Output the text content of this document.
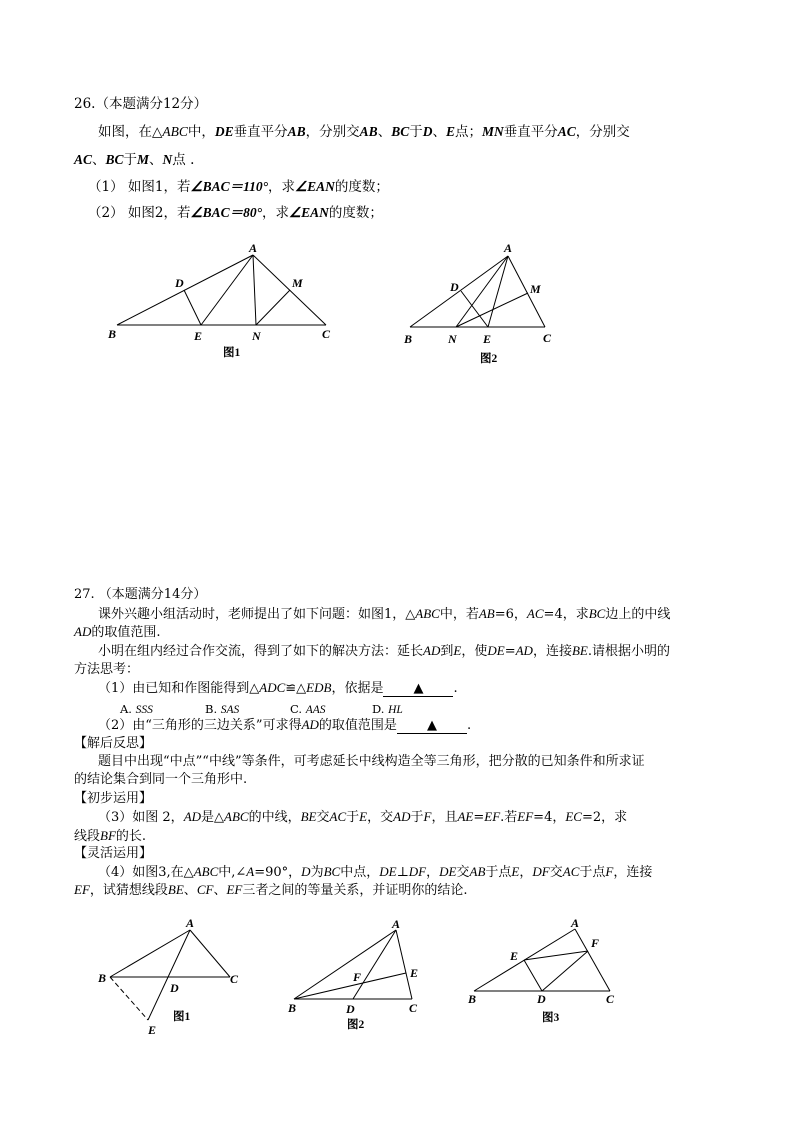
26.（本题满分12分）
如图，在△ABC中，DE垂直平分AB，分别交AB、BC于D、E点；MN垂直平分AC，分别交
AC、BC于M、N点 .
（1） 如图1，若∠BAC＝110°，求∠EAN的度数；
（2） 如图2，若∠BAC＝80°，求∠EAN的度数；
A
B	C
D
E	N
M
图1
A
B	C
D
E
N
M
图2
27. （本题满分14分）
课外兴趣小组活动时，老师提出了如下问题：如图1，△ABC中，若AB=6，AC=4，求BC边上的中线
AD的取值范围.
小明在组内经过合作交流，得到了如下的解决方法：延长AD到E，使DE=AD，连接BE.请根据小明的
方法思考：
（1）由已知和作图能得到△ADC≌△EDB，依据是 ▲ .
A. SSS	B. SAS	C. AAS	D. HL
（2）由“三角形的三边关系”可求得AD的取值范围是 ▲ .
【解后反思】
题目中出现“中点”“中线”等条件，可考虑延长中线构造全等三角形，把分散的已知条件和所求证
的结论集合到同一个三角形中.
【初步运用】
（3）如图 2，AD是△ABC的中线，BE交AC于E，交AD于F，且AE=EF.若EF=4，EC=2，求
线段BF的长.
【灵活运用】
（4）如图3,在△ABC中,∠A=90°，D为BC中点，DE⊥DF，DE交AB于点E，DF交AC于点F，连接
EF，试猜想线段BE、CF、EF三者之间的等量关系，并证明你的结论.
A
B	C
D
E
图1
A
B	C
D
E
F
图2
A
B	C
D
E
F
图3
